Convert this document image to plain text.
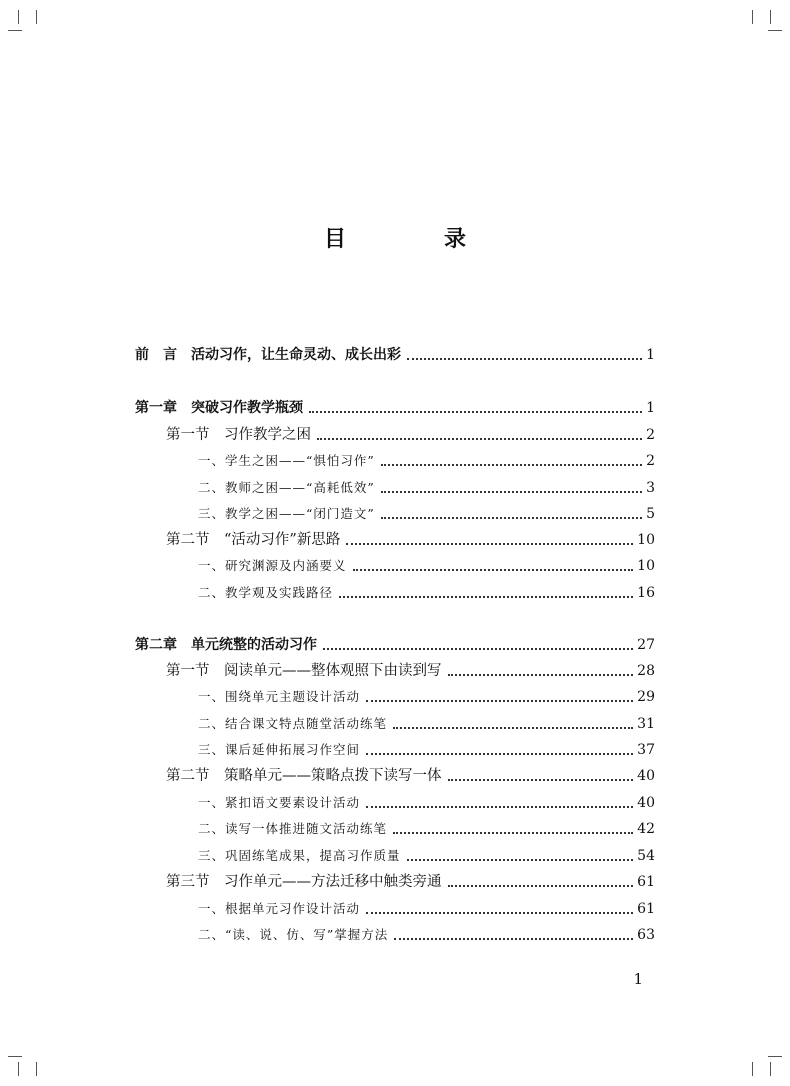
目　录
前　言　活动习作，让生命灵动、成长出彩	1
第一章　突破习作教学瓶颈	1
第一节　习作教学之困	2
一、学生之困——“惧怕习作”	2
二、教师之困——“高耗低效”	3
三、教学之困——“闭门造文”	5
第二节　“活动习作”新思路	10
一、研究渊源及内涵要义	10
二、教学观及实践路径	16
第二章　单元统整的活动习作	27
第一节　阅读单元——整体观照下由读到写	28
一、围绕单元主题设计活动	29
二、结合课文特点随堂活动练笔	31
三、课后延伸拓展习作空间	37
第二节　策略单元——策略点拨下读写一体	40
一、紧扣语文要素设计活动	40
二、读写一体推进随文活动练笔	42
三、巩固练笔成果，提高习作质量	54
第三节　习作单元——方法迁移中触类旁通	61
一、根据单元习作设计活动	61
二、“读、说、仿、写”掌握方法	63
1
